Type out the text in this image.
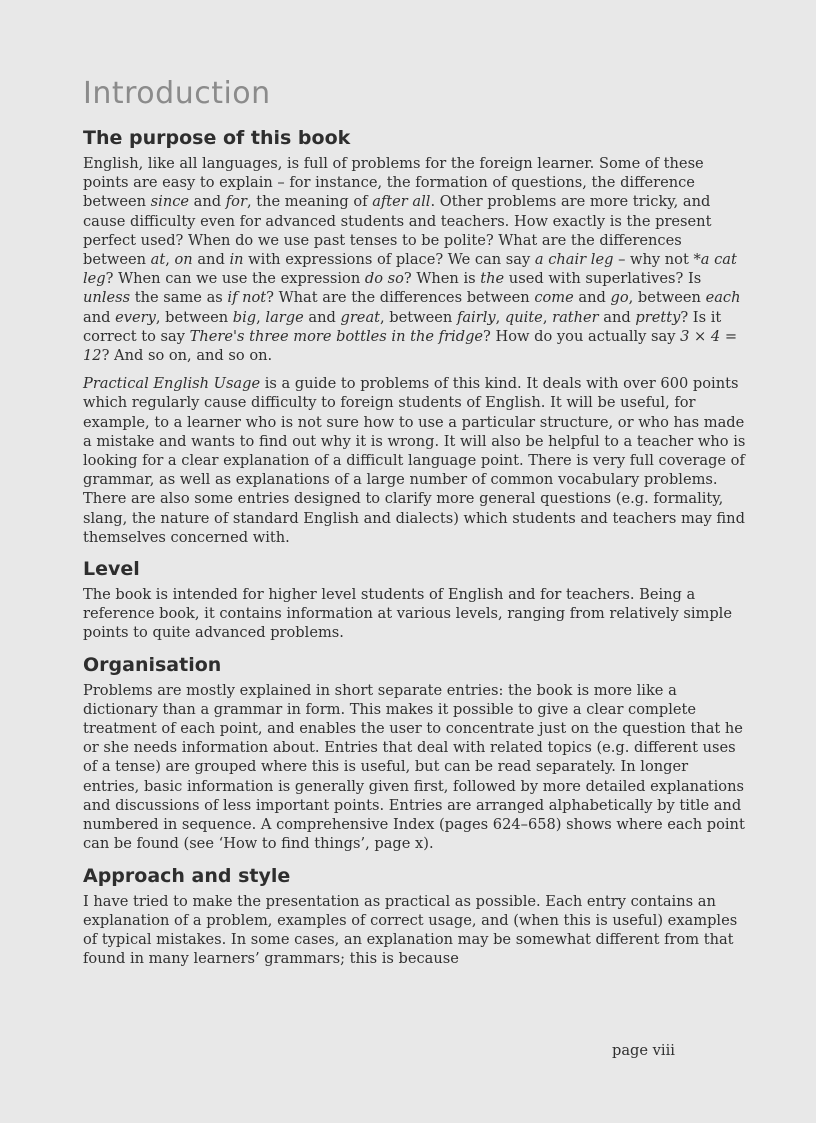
Introduction
The purpose of this book

English, like all languages, is full of problems for the foreign learner. Some of these points are easy to explain – for instance, the formation of questions, the difference between since and for, the meaning of after all. Other problems are more tricky, and cause difficulty even for advanced students and teachers. How exactly is the present perfect used? When do we use past tenses to be polite? What are the differences between at, on and in with expressions of place? We can say a chair leg – why not *a cat leg? When can we use the expression do so? When is the used with superlatives? Is unless the same as if not? What are the differences between come and go, between each and every, between big, large and great, between fairly, quite, rather and pretty? Is it correct to say There's three more bottles in the fridge? How do you actually say 3 × 4 = 12? And so on, and so on.

Practical English Usage is a guide to problems of this kind. It deals with over 600 points which regularly cause difficulty to foreign students of English. It will be useful, for example, to a learner who is not sure how to use a particular structure, or who has made a mistake and wants to find out why it is wrong. It will also be helpful to a teacher who is looking for a clear explanation of a difficult language point. There is very full coverage of grammar, as well as explanations of a large number of common vocabulary problems. There are also some entries designed to clarify more general questions (e.g. formality, slang, the nature of standard English and dialects) which students and teachers may find themselves concerned with.

Level

The book is intended for higher level students of English and for teachers. Being a reference book, it contains information at various levels, ranging from relatively simple points to quite advanced problems.

Organisation

Problems are mostly explained in short separate entries: the book is more like a dictionary than a grammar in form. This makes it possible to give a clear complete treatment of each point, and enables the user to concentrate just on the question that he or she needs information about. Entries that deal with related topics (e.g. different uses of a tense) are grouped where this is useful, but can be read separately. In longer entries, basic information is generally given first, followed by more detailed explanations and discussions of less important points. Entries are arranged alphabetically by title and numbered in sequence. A comprehensive Index (pages 624–658) shows where each point can be found (see ‘How to find things’, page x).

Approach and style

I have tried to make the presentation as practical as possible. Each entry contains an explanation of a problem, examples of correct usage, and (when this is useful) examples of typical mistakes. In some cases, an explanation may be somewhat different from that found in many learners’ grammars; this is because

page viii
